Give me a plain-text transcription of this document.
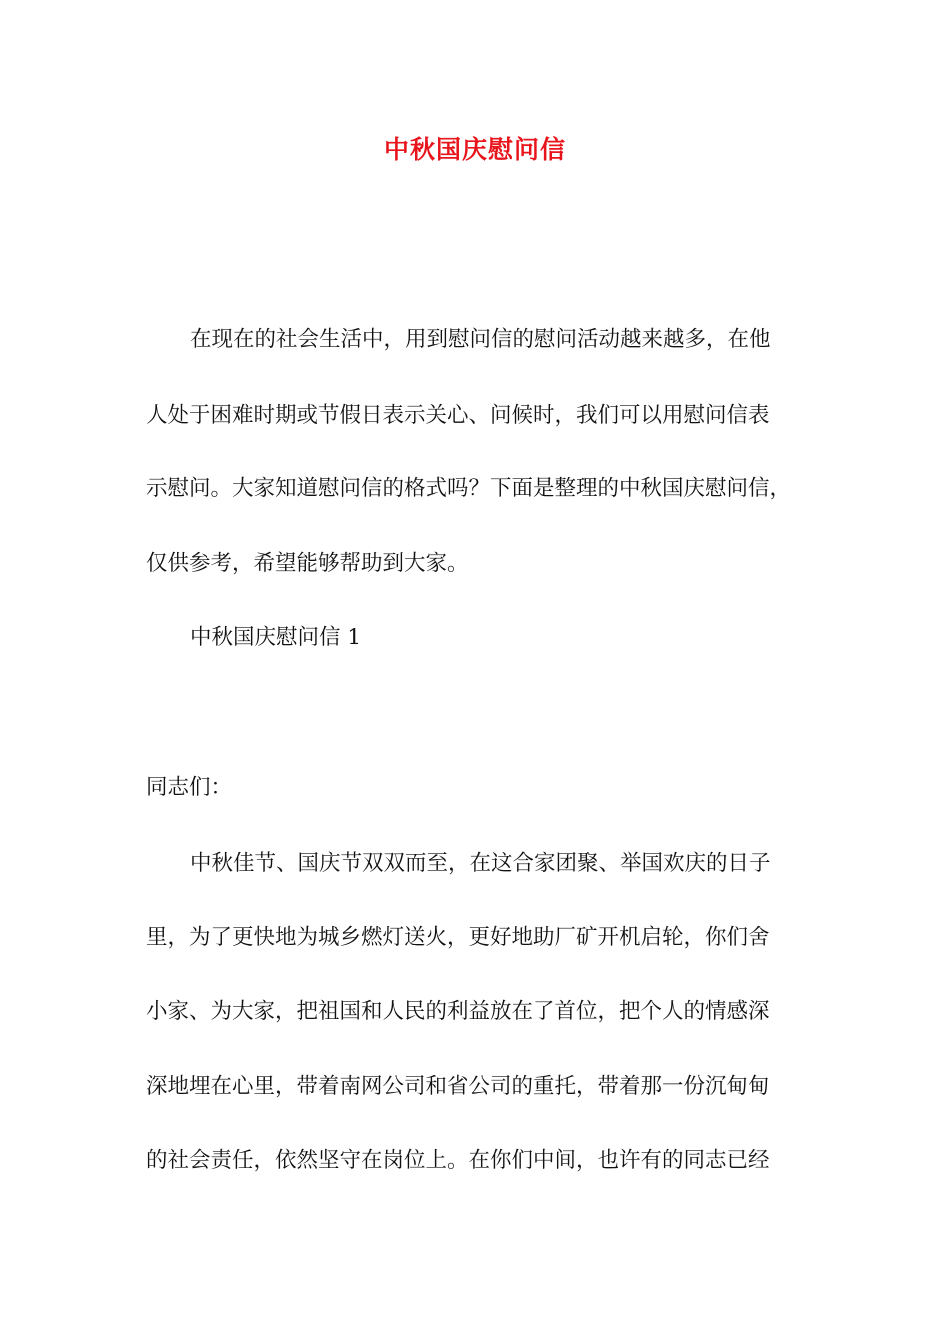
中秋国庆慰问信
在现在的社会生活中，用到慰问信的慰问活动越来越多，在他
人处于困难时期或节假日表示关心、问候时，我们可以用慰问信表
示慰问。大家知道慰问信的格式吗？下面是整理的中秋国庆慰问信，
仅供参考，希望能够帮助到大家。
中秋国庆慰问信 1
同志们：
中秋佳节、国庆节双双而至，在这合家团聚、举国欢庆的日子
里，为了更快地为城乡燃灯送火，更好地助厂矿开机启轮，你们舍
小家、为大家，把祖国和人民的利益放在了首位，把个人的情感深
深地埋在心里，带着南网公司和省公司的重托，带着那一份沉甸甸
的社会责任，依然坚守在岗位上。在你们中间，也许有的同志已经
